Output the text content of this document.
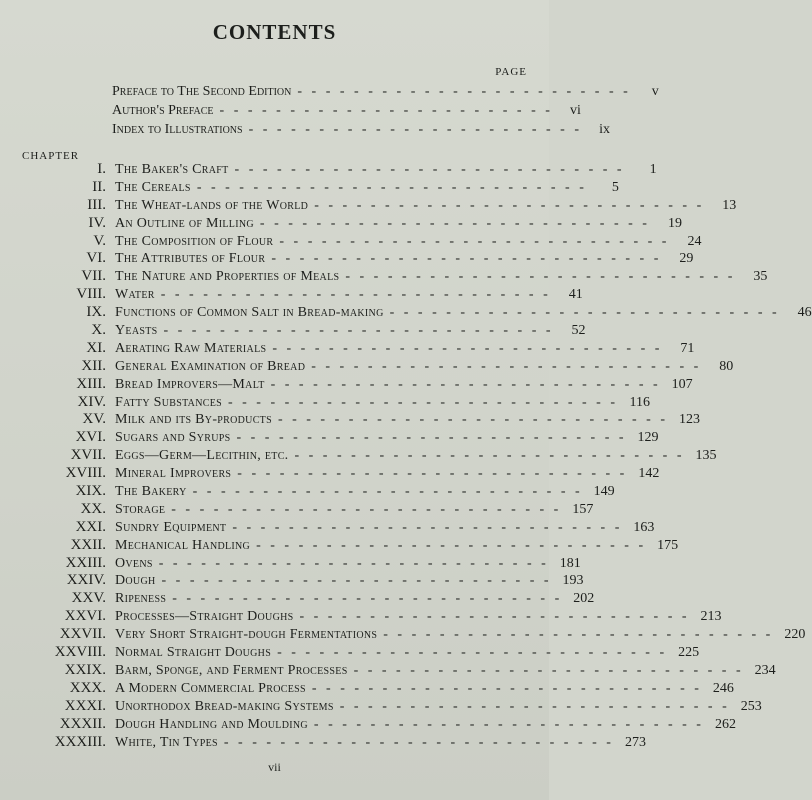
CONTENTS
PAGE
Preface to The Second Edition - - - - - - - - - - - - - - - - - - - - - - - -	v
Author's Preface - - - - - - - - - - - - - - - - - - - - - - - -	vi
Index to Illustrations - - - - - - - - - - - - - - - - - - - - - - - -	ix
CHAPTER
I. The Baker's Craft - - - - - - - - - - - - - - - - - - - - - - - - - - - -	1
II. The Cereals - - - - - - - - - - - - - - - - - - - - - - - - - - - -	5
III. The Wheat-lands of the World - - - - - - - - - - - - - - - - - - - - - - - - - - - -	13
IV. An Outline of Milling - - - - - - - - - - - - - - - - - - - - - - - - - - - -	19
V. The Composition of Flour - - - - - - - - - - - - - - - - - - - - - - - - - - - -	24
VI. The Attributes of Flour - - - - - - - - - - - - - - - - - - - - - - - - - - - -	29
VII. The Nature and Properties of Meals - - - - - - - - - - - - - - - - - - - - - - - - - - - -	35
VIII. Water - - - - - - - - - - - - - - - - - - - - - - - - - - - -	41
IX. Functions of Common Salt in Bread-making - - - - - - - - - - - - - - - - - - - - - - - - - - - -	46
X. Yeasts - - - - - - - - - - - - - - - - - - - - - - - - - - - -	52
XI. Aerating Raw Materials - - - - - - - - - - - - - - - - - - - - - - - - - - - -	71
XII. General Examination of Bread - - - - - - - - - - - - - - - - - - - - - - - - - - - -	80
XIII. Bread Improvers—Malt - - - - - - - - - - - - - - - - - - - - - - - - - - - - 107
XIV. Fatty Substances - - - - - - - - - - - - - - - - - - - - - - - - - - - - 116
XV. Milk and its By-products - - - - - - - - - - - - - - - - - - - - - - - - - - - - 123
XVI. Sugars and Syrups - - - - - - - - - - - - - - - - - - - - - - - - - - - - 129
XVII. Eggs—Germ—Lecithin, etc. - - - - - - - - - - - - - - - - - - - - - - - - - - - - 135
XVIII. Mineral Improvers - - - - - - - - - - - - - - - - - - - - - - - - - - - - 142
XIX. The Bakery - - - - - - - - - - - - - - - - - - - - - - - - - - - - 149
XX. Storage - - - - - - - - - - - - - - - - - - - - - - - - - - - - 157
XXI. Sundry Equipment - - - - - - - - - - - - - - - - - - - - - - - - - - - - 163
XXII. Mechanical Handling - - - - - - - - - - - - - - - - - - - - - - - - - - - - 175
XXIII. Ovens - - - - - - - - - - - - - - - - - - - - - - - - - - - - 181
XXIV. Dough - - - - - - - - - - - - - - - - - - - - - - - - - - - - 193
XXV. Ripeness - - - - - - - - - - - - - - - - - - - - - - - - - - - - 202
XXVI. Processes—Straight Doughs - - - - - - - - - - - - - - - - - - - - - - - - - - - - 213
XXVII. Very Short Straight-dough Fermentations - - - - - - - - - - - - - - - - - - - - - - - - - - - - 220
XXVIII. Normal Straight Doughs - - - - - - - - - - - - - - - - - - - - - - - - - - - - 225
XXIX. Barm, Sponge, and Ferment Processes - - - - - - - - - - - - - - - - - - - - - - - - - - - - 234
XXX. A Modern Commercial Process - - - - - - - - - - - - - - - - - - - - - - - - - - - - 246
XXXI. Unorthodox Bread-making Systems - - - - - - - - - - - - - - - - - - - - - - - - - - - - 253
XXXII. Dough Handling and Moulding - - - - - - - - - - - - - - - - - - - - - - - - - - - - 262
XXXIII. White, Tin Types - - - - - - - - - - - - - - - - - - - - - - - - - - - - 273
vii
